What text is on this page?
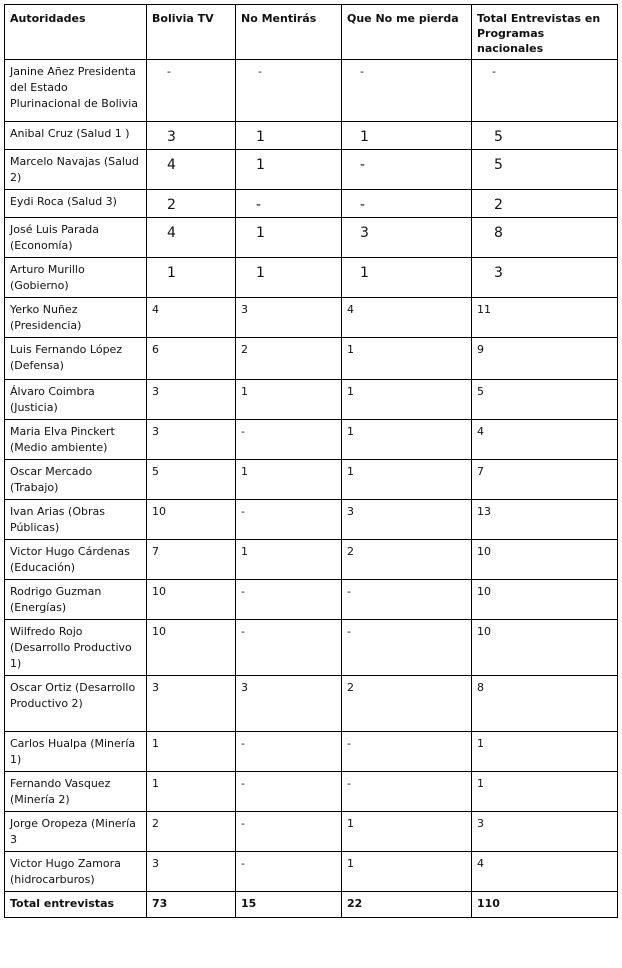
Autoridades	Bolivia TV	No Mentirás	Que No me pierda	Total Entrevistas en Programas nacionales
Janine Añez Presidenta del Estado Plurinacional de Bolivia	-	-	-	-
Anibal Cruz (Salud 1 )	3	1	1	5
Marcelo Navajas (Salud 2)	4	1	-	5
Eydi Roca (Salud 3)	2	-	-	2
José Luis Parada (Economía)	4	1	3	8
Arturo Murillo (Gobierno)	1	1	1	3
Yerko Nuñez (Presidencia)	4	3	4	11
Luis Fernando López (Defensa)	6	2	1	9
Álvaro Coimbra (Justicia)	3	1	1	5
Maria Elva Pinckert (Medio ambiente)	3	-	1	4
Oscar Mercado (Trabajo)	5	1	1	7
Ivan Arias (Obras Públicas)	10	-	3	13
Victor Hugo Cárdenas (Educación)	7	1	2	10
Rodrigo Guzman (Energías)	10	-	-	10
Wilfredo Rojo (Desarrollo Productivo 1)	10	-	-	10
Oscar Ortiz (Desarrollo Productivo 2)	3	3	2	8
Carlos Hualpa (Minería 1)	1	-	-	1
Fernando Vasquez (Minería 2)	1	-	-	1
Jorge Oropeza (Minería 3	2	-	1	3
Victor Hugo Zamora (hidrocarburos)	3	-	1	4
Total entrevistas	73	15	22	110
